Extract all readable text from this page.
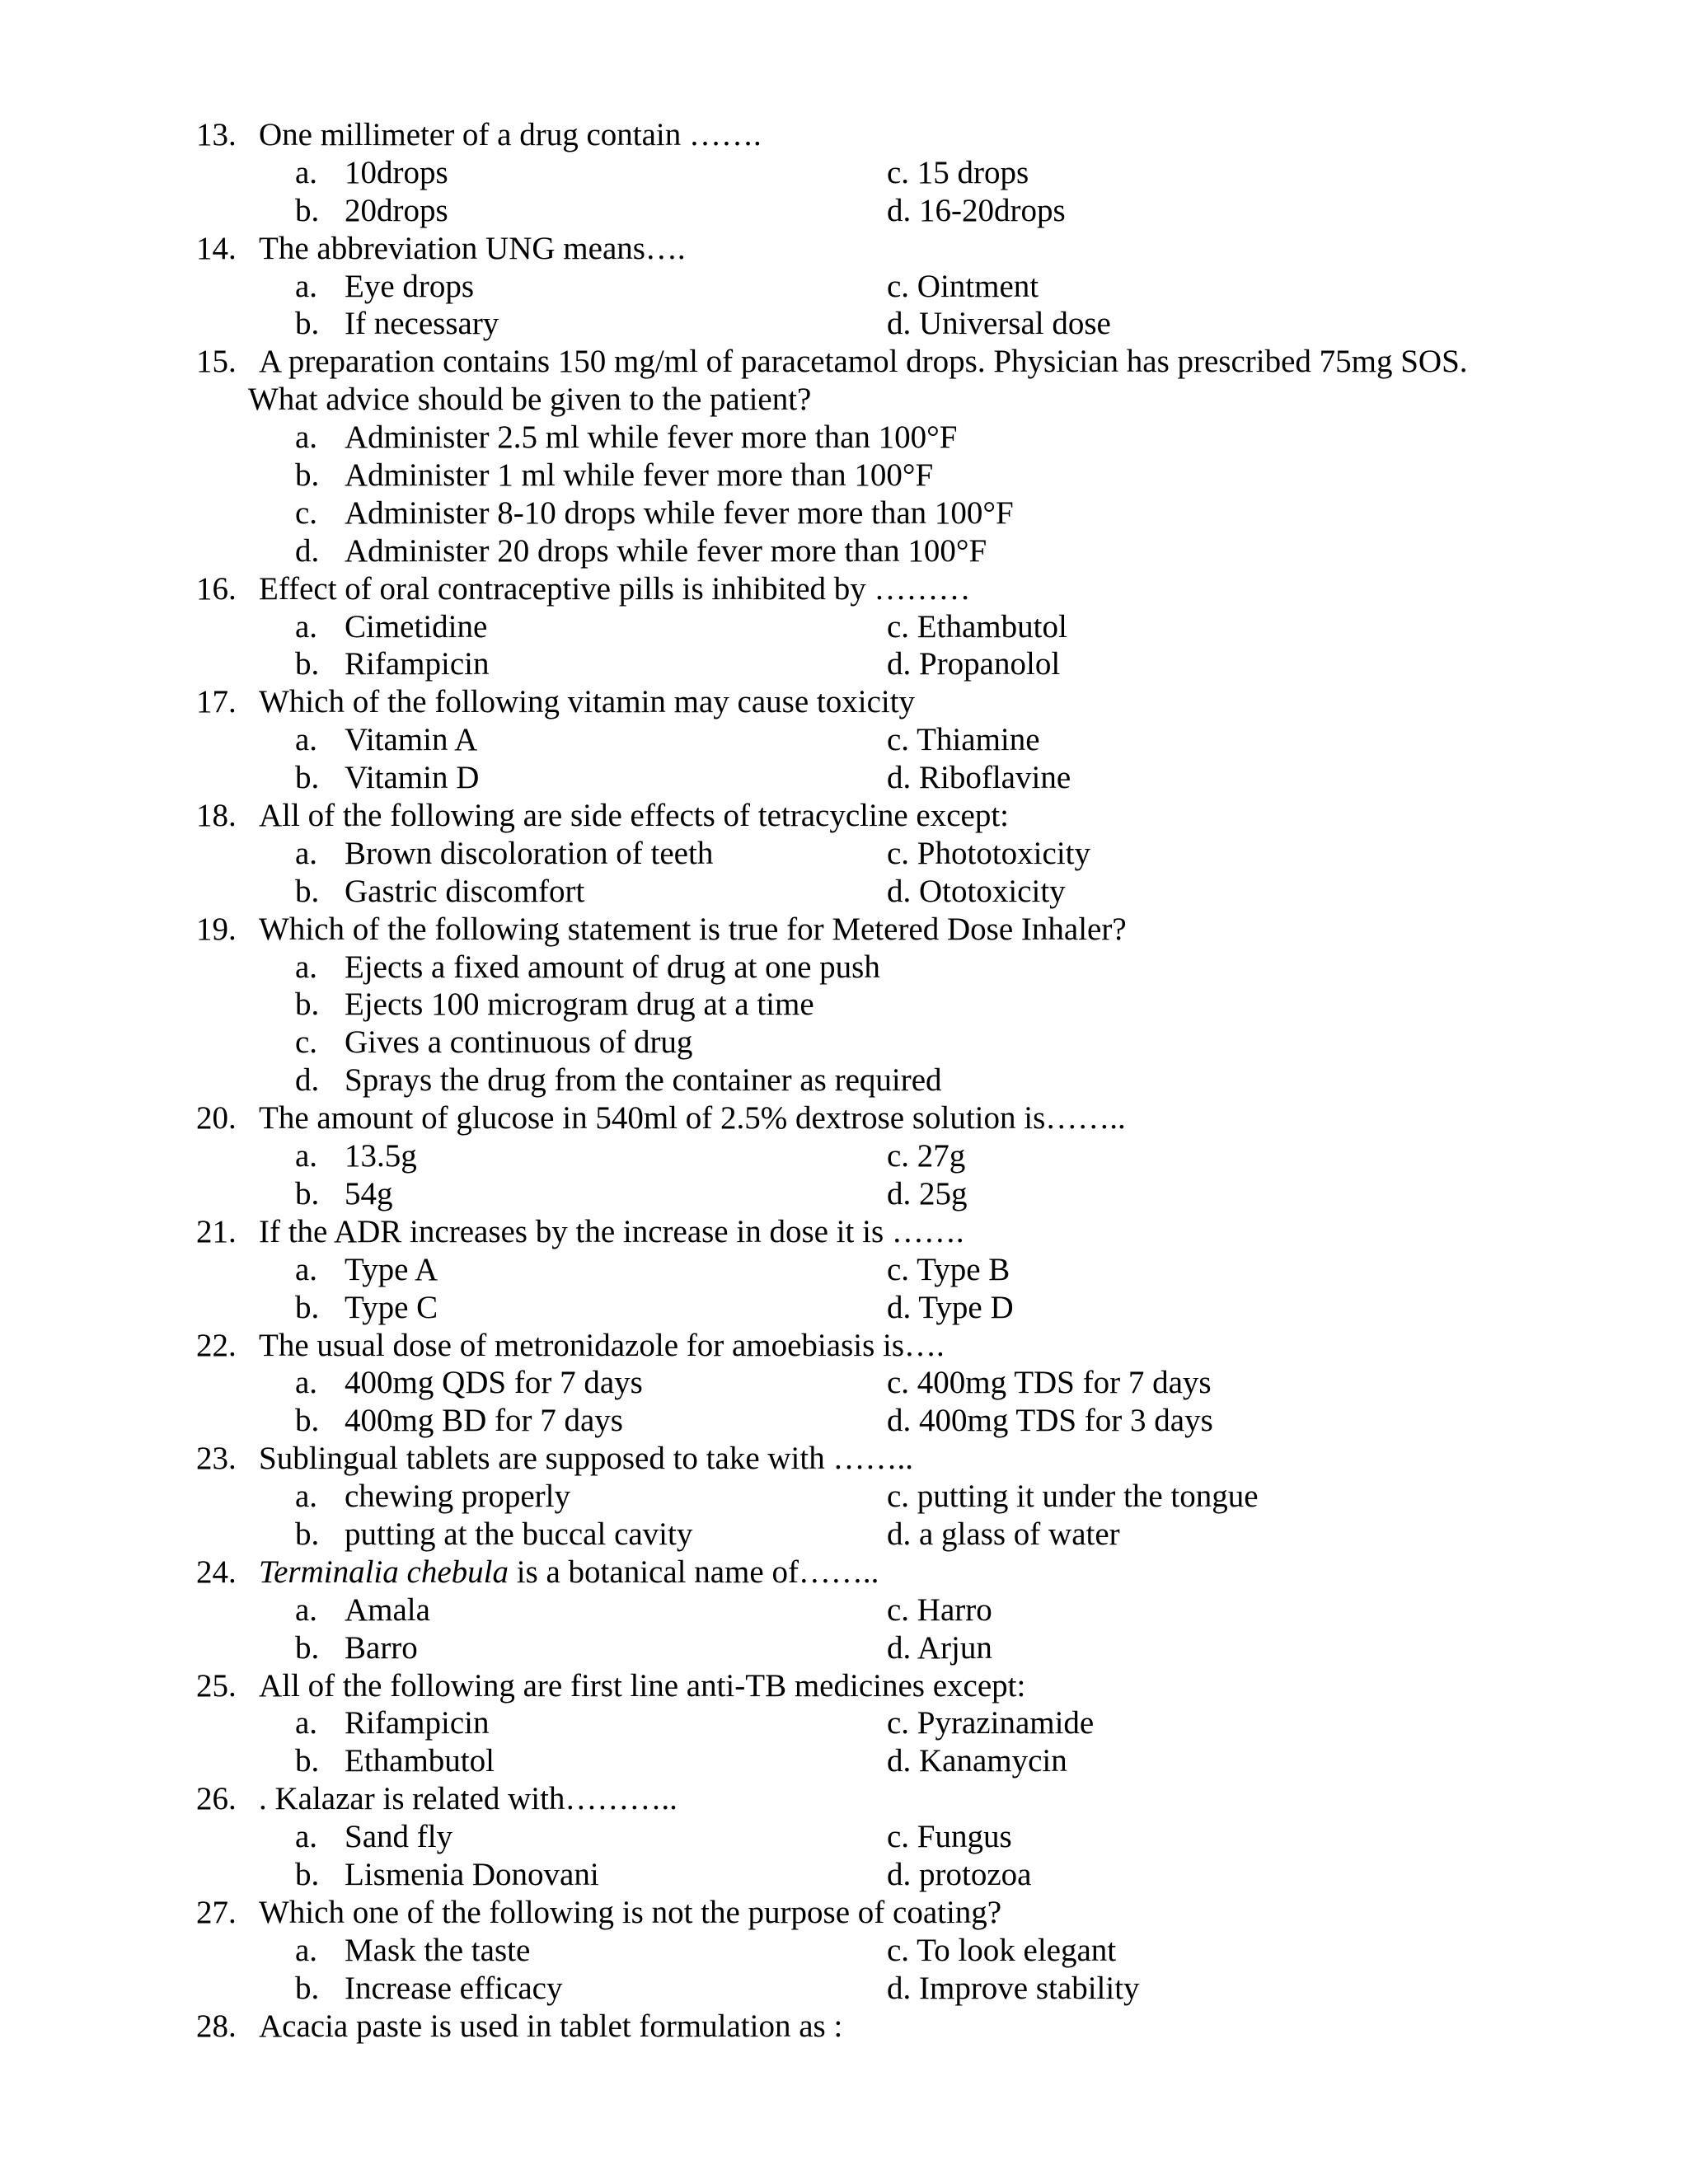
13. One millimeter of a drug contain …….
a. 10drops	c. 15 drops
b. 20drops	d. 16-20drops
14. The abbreviation UNG means….
a. Eye drops	c. Ointment
b. If necessary	d. Universal dose
15. A preparation contains 150 mg/ml of paracetamol drops. Physician has prescribed 75mg SOS.
What advice should be given to the patient?
a. Administer 2.5 ml while fever more than 100°F
b. Administer 1 ml while fever more than 100°F
c. Administer 8-10 drops while fever more than 100°F
d. Administer 20 drops while fever more than 100°F
16. Effect of oral contraceptive pills is inhibited by ………
a. Cimetidine	c. Ethambutol
b. Rifampicin	d. Propanolol
17. Which of the following vitamin may cause toxicity
a. Vitamin A	c. Thiamine
b. Vitamin D	d. Riboflavine
18. All of the following are side effects of tetracycline except:
a. Brown discoloration of teeth	c. Phototoxicity
b. Gastric discomfort	d. Ototoxicity
19. Which of the following statement is true for Metered Dose Inhaler?
a. Ejects a fixed amount of drug at one push
b. Ejects 100 microgram drug at a time
c. Gives a continuous of drug
d. Sprays the drug from the container as required
20. The amount of glucose in 540ml of 2.5% dextrose solution is……..
a. 13.5g	c. 27g
b. 54g	d. 25g
21. If the ADR increases by the increase in dose it is …….
a. Type A	c. Type B
b. Type C	d. Type D
22. The usual dose of metronidazole for amoebiasis is….
a. 400mg QDS for 7 days	c. 400mg TDS for 7 days
b. 400mg BD for 7 days	d. 400mg TDS for 3 days
23. Sublingual tablets are supposed to take with ……..
a. chewing properly	c. putting it under the tongue
b. putting at the buccal cavity	d. a glass of water
24. Terminalia chebula is a botanical name of……..
a. Amala	c. Harro
b. Barro	d. Arjun
25. All of the following are first line anti-TB medicines except:
a. Rifampicin	c. Pyrazinamide
b. Ethambutol	d. Kanamycin
26. . Kalazar is related with………..
a. Sand fly	c. Fungus
b. Lismenia Donovani	d. protozoa
27. Which one of the following is not the purpose of coating?
a. Mask the taste	c. To look elegant
b. Increase efficacy	d. Improve stability
28. Acacia paste is used in tablet formulation as :
